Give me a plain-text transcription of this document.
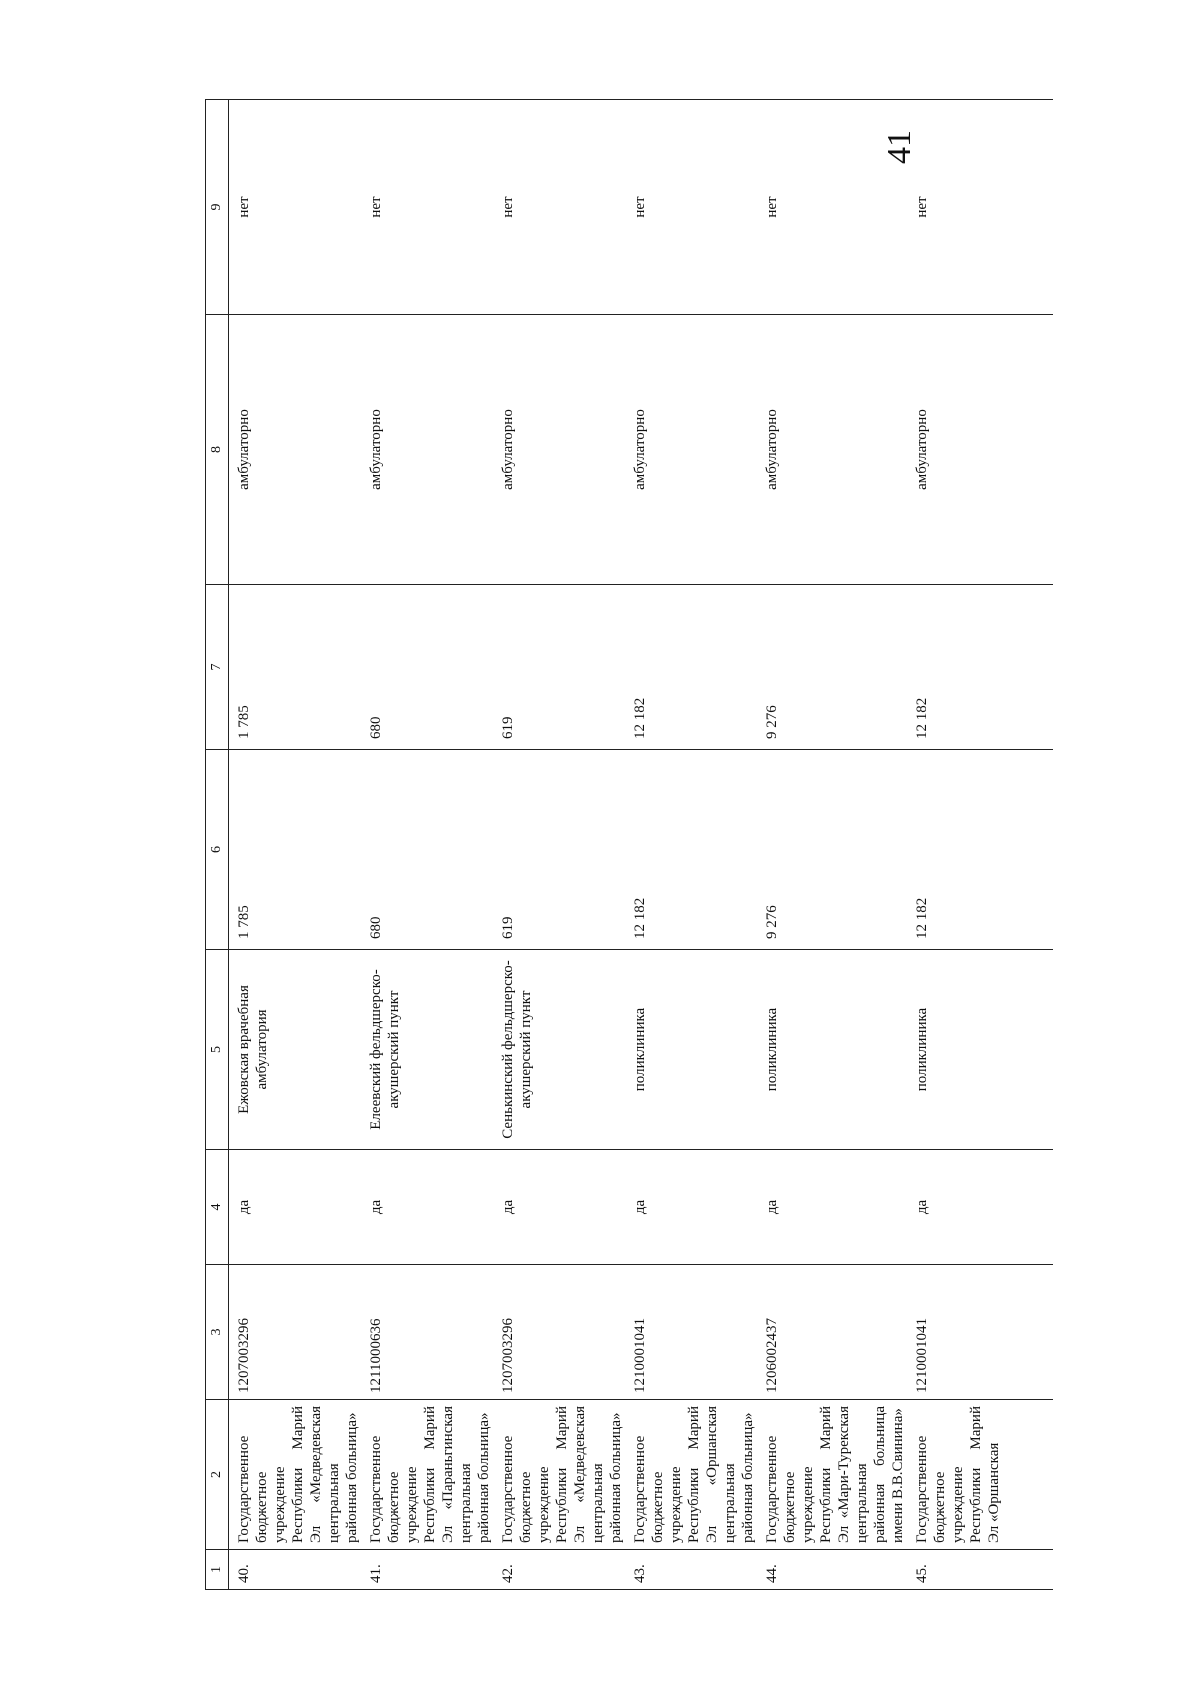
41
1	2	3	4	5	6	7	8	9
40.	Государственное бюджетное учреждение Республики Марий Эл «Медведевская центральная районная больница»	1207003296	да	Ежовская врачебная амбулатория	1 785	1 785	амбулаторно	нет
41.	Государственное бюджетное учреждение Республики Марий Эл «Параньгинская центральная районная больница»	1211000636	да	Елеевский фельдшерско-акушерский пункт	680	680	амбулаторно	нет
42.	Государственное бюджетное учреждение Республики Марий Эл «Медведевская центральная районная больница»	1207003296	да	Сенькинский фельдшерско-акушерский пункт	619	619	амбулаторно	нет
43.	Государственное бюджетное учреждение Республики Марий Эл «Оршанская центральная районная больница»	1210001041	да	поликлиника	12 182	12 182	амбулаторно	нет
44.	Государственное бюджетное учреждение Республики Марий Эл «Мари-Турекская центральная районная больница имени В.В.Свинина»	1206002437	да	поликлиника	9 276	9 276	амбулаторно	нет
45.	Государственное бюджетное учреждение Республики Марий Эл «Оршанская	1210001041	да	поликлиника	12 182	12 182	амбулаторно	нет
